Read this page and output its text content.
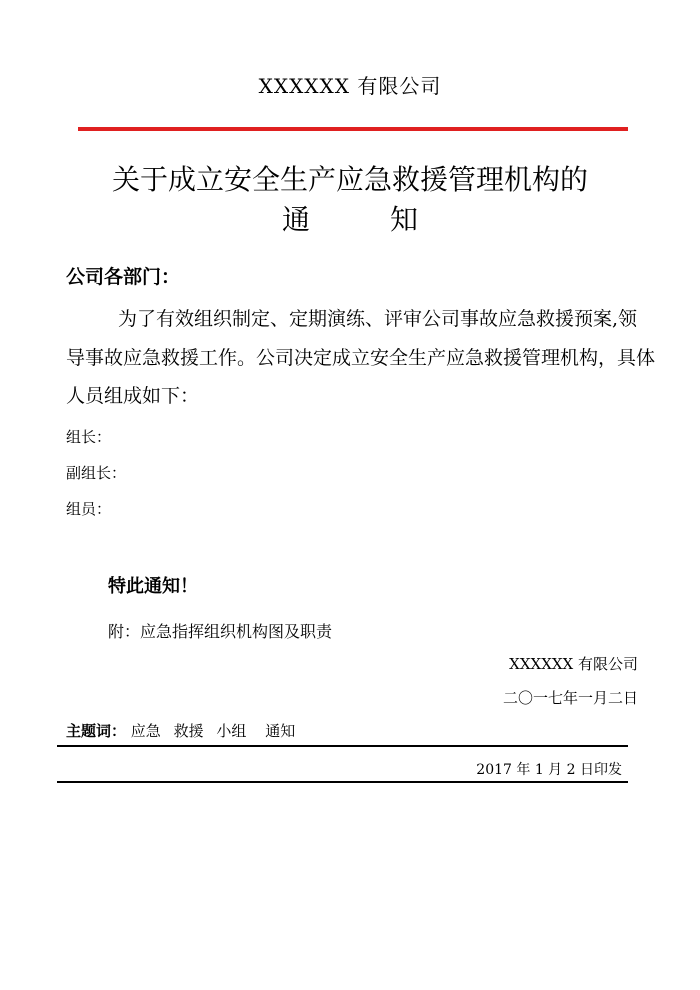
XXXXXX 有限公司
关于成立安全生产应急救援管理机构的
通	知
公司各部门：
为了有效组织制定、定期演练、评审公司事故应急救援预案,领导事故应急救援工作。公司决定成立安全生产应急救援管理机构，具体人员组成如下：
组长：
副组长：
组员：
特此通知！
附：应急指挥组织机构图及职责
XXXXXX 有限公司
二〇一七年一月二日
主题词： 应急 救援 小组 通知
2017 年 1 月 2 日印发
